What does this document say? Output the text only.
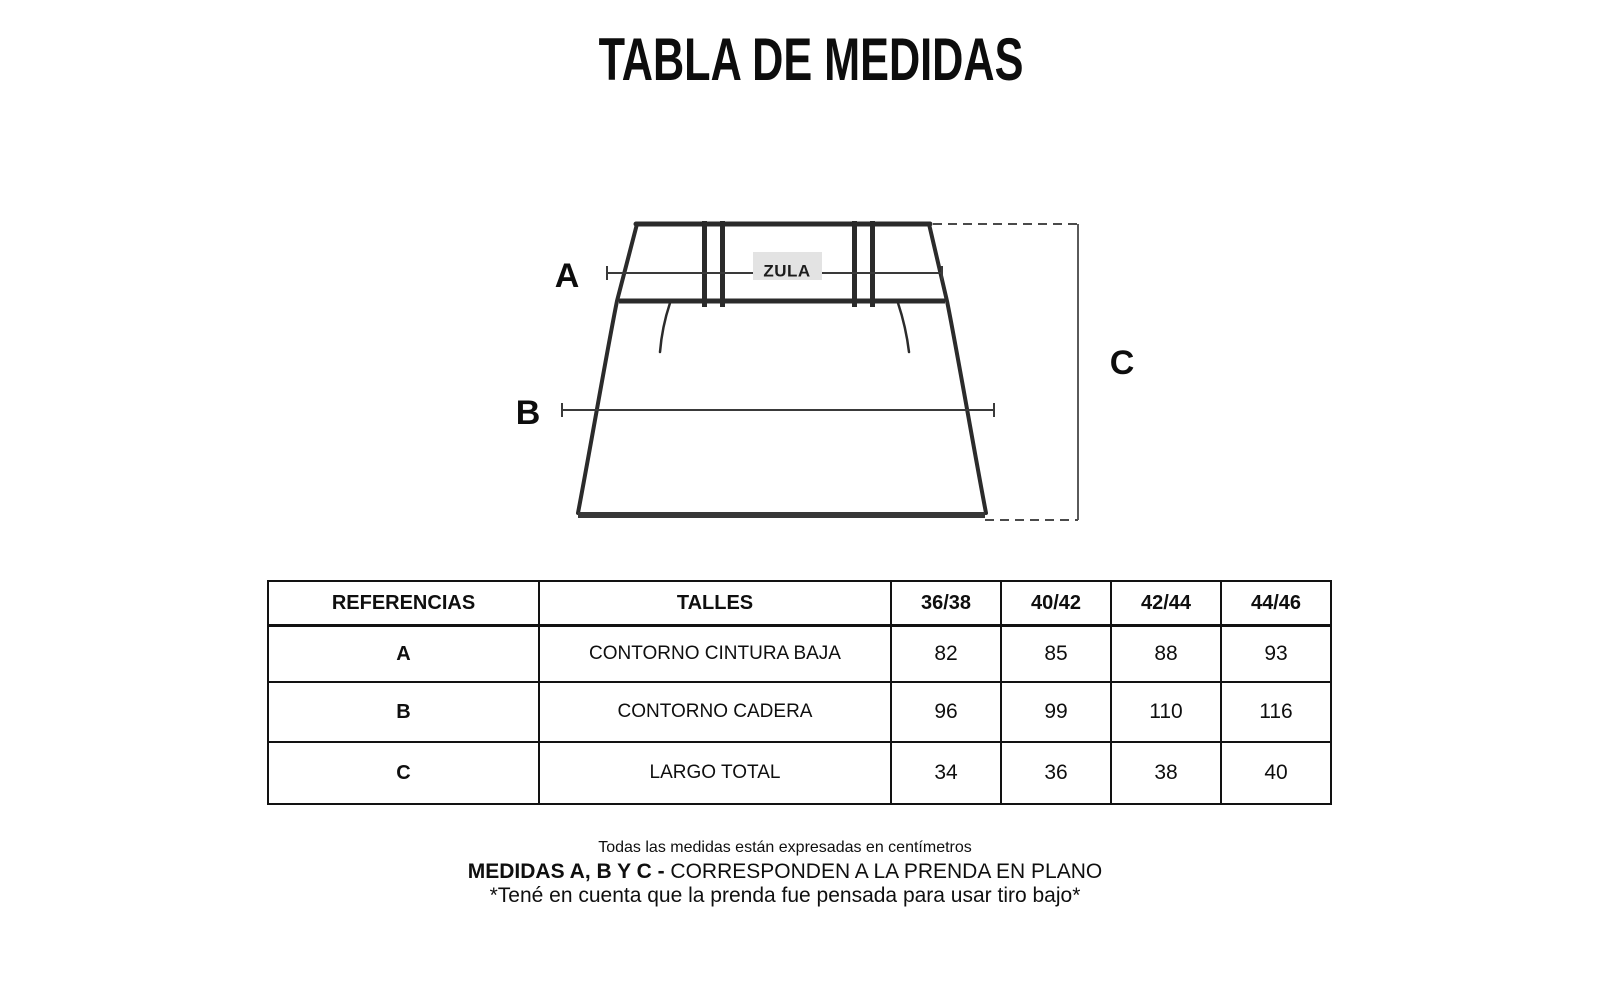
TABLA DE MEDIDAS
ZULA
A
B
C
REFERENCIAS	TALLES	36/38	40/42	42/44	44/46
A	CONTORNO CINTURA BAJA	82	85	88	93
B	CONTORNO CADERA	96	99	110	116
C	LARGO TOTAL	34	36	38	40
Todas las medidas están expresadas en centímetros
MEDIDAS A, B Y C - CORRESPONDEN A LA PRENDA EN PLANO
*Tené en cuenta que la prenda fue pensada para usar tiro bajo*
